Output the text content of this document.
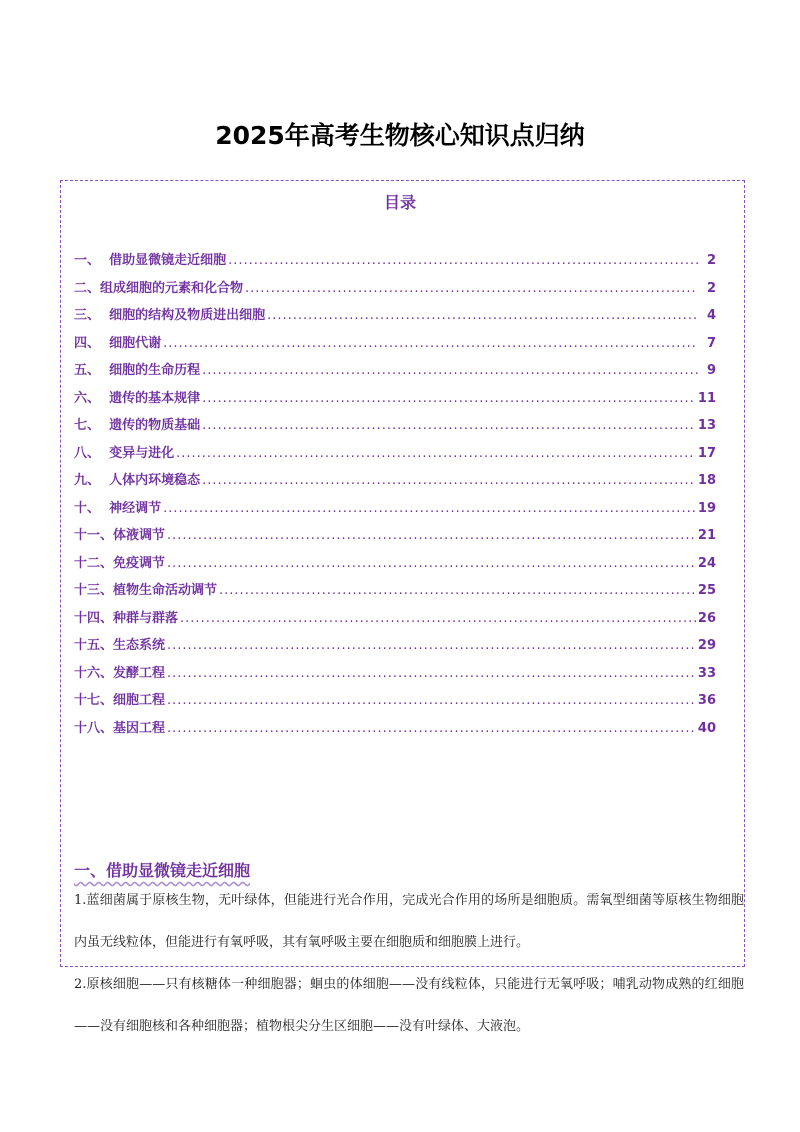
2025年高考生物核心知识点归纳
目录
一、 借助显微镜走近细胞 .....	2
二、 组成细胞的元素和化合物 .....	2
三、 细胞的结构及物质进出细胞 .....	4
四、 细胞代谢 .....	7
五、 细胞的生命历程 .....	9
六、 遗传的基本规律 .....	11
七、 遗传的物质基础 .....	13
八、 变异与进化 .....	17
九、 人体内环境稳态 .....	18
十、 神经调节 .....	19
十一、 体液调节 .....	21
十二、 免疫调节 .....	24
十三、 植物生命活动调节 .....	25
十四、 种群与群落 .....	26
十五、 生态系统 .....	29
十六、 发酵工程 .....	33
十七、 细胞工程 .....	36
十八、 基因工程 .....	40
一、借助显微镜走近细胞
1.蓝细菌属于原核生物，无叶绿体，但能进行光合作用，完成光合作用的场所是细胞质。需氧型细菌等原核生物细胞内虽无线粒体，但能进行有氧呼吸，其有氧呼吸主要在细胞质和细胞膜上进行。
2.原核细胞——只有核糖体一种细胞器；蛔虫的体细胞——没有线粒体，只能进行无氧呼吸；哺乳动物成熟的红细胞——没有细胞核和各种细胞器；植物根尖分生区细胞——没有叶绿体、大液泡。
